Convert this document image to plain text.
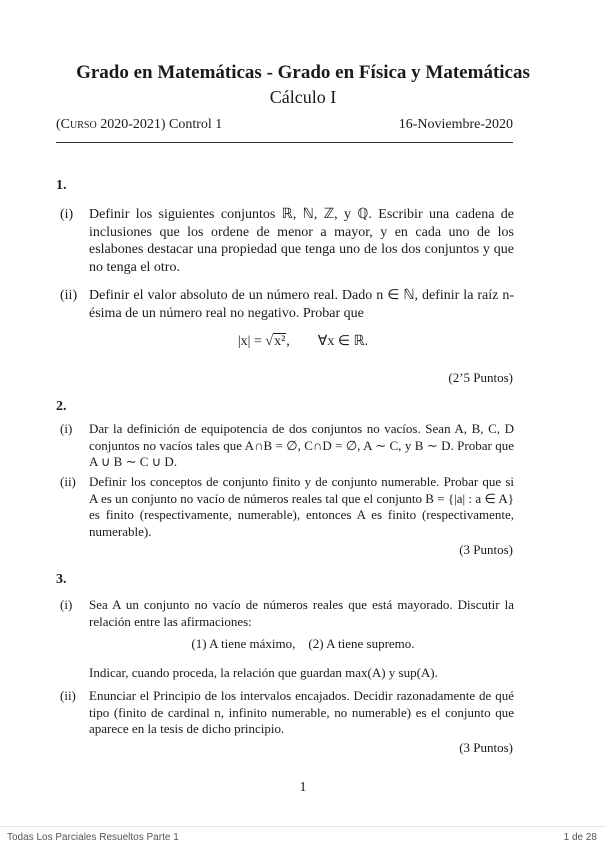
Grado en Matemáticas - Grado en Física y Matemáticas
Cálculo I
(Curso 2020-2021) Control 1	16-Noviembre-2020
1.
(i)	Definir los siguientes conjuntos ℝ, ℕ, ℤ, y ℚ. Escribir una cadena de inclusiones que los ordene de menor a mayor, y en cada uno de los eslabones destacar una propiedad que tenga uno de los dos conjuntos y que no tenga el otro.
(ii) Definir el valor absoluto de un número real. Dado n ∈ ℕ, definir la raíz n-ésima de un número real no negativo. Probar que
|x| = √x²,        ∀x ∈ ℝ.
(2’5 Puntos)
2.
(i)	Dar la definición de equipotencia de dos conjuntos no vacíos. Sean A, B, C, D conjuntos no vacíos tales que A∩B = ∅, C∩D = ∅, A ∼ C, y B ∼ D. Probar que A ∪ B ∼ C ∪ D.
(ii)	Definir los conceptos de conjunto finito y de conjunto numerable. Probar que si A es un conjunto no vacío de números reales tal que el conjunto B = {|a| : a ∈ A} es finito (respectivamente, numerable), entonces A es finito (respectivamente, numerable).
(3 Puntos)
3.
(i)	Sea A un conjunto no vacío de números reales que está mayorado. Discutir la relación entre las afirmaciones:
(1) A tiene máximo,    (2) A tiene supremo.
Indicar, cuando proceda, la relación que guardan max(A) y sup(A).
(ii)	Enunciar el Principio de los intervalos encajados. Decidir razonadamente de qué tipo (finito de cardinal n, infinito numerable, no numerable) es el conjunto que aparece en la tesis de dicho principio.
(3 Puntos)
1
Todas Los Parciales Resueltos Parte 1	1 de 28
